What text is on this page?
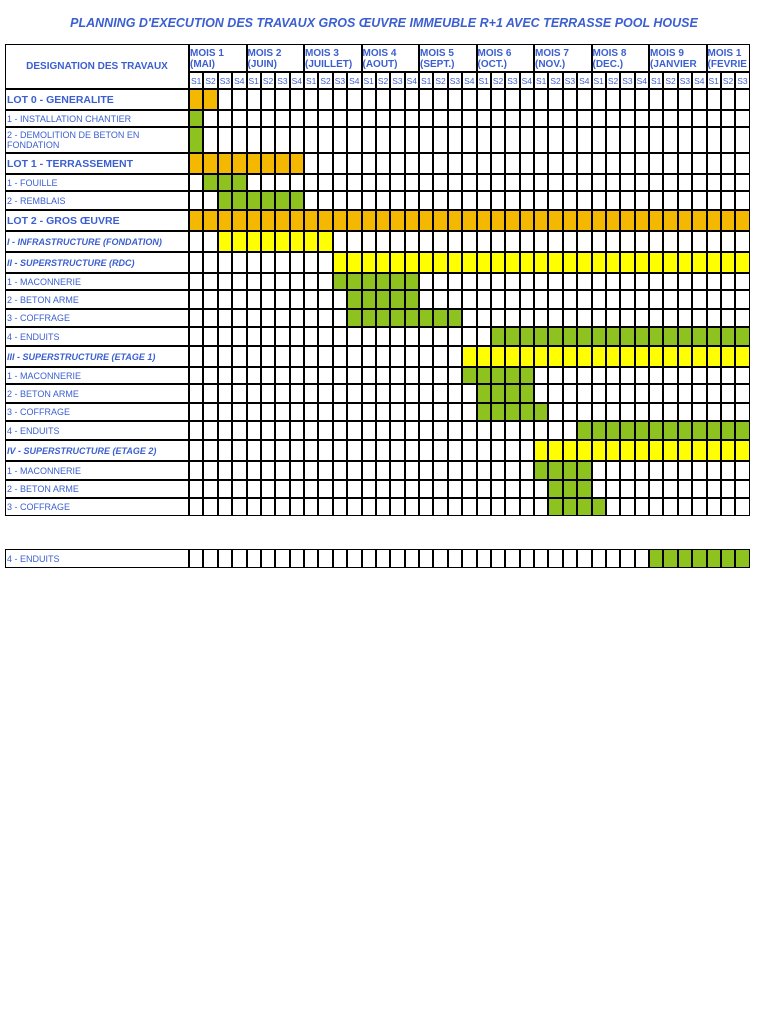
PLANNING D'EXECUTION DES TRAVAUX GROS ŒUVRE IMMEUBLE R+1 AVEC TERRASSE POOL HOUSE
DESIGNATION DES TRAVAUX
MOIS 1
(MAI)
S1 S2 S3 S4
MOIS 2
(JUIN)
S1 S2 S3 S4
MOIS 3
(JUILLET)
S1 S2 S3 S4
MOIS 4
(AOUT)
S1 S2 S3 S4
MOIS 5
(SEPT.)
S1 S2 S3 S4
MOIS 6
(OCT.)
S1 S2 S3 S4
MOIS 7
(NOV.)
S1 S2 S3 S4
MOIS 8
(DEC.)
S1 S2 S3 S4
MOIS 9
(JANVIER
S1 S2 S3 S4
MOIS 1
(FEVRIE
S1 S2 S3
LOT 0 - GENERALITE
1 - INSTALLATION CHANTIER
2 - DEMOLITION DE BETON EN FONDATION
LOT 1 - TERRASSEMENT
1 - FOUILLE
2 - REMBLAIS
LOT 2 - GROS ŒUVRE
I - INFRASTRUCTURE (FONDATION)
II - SUPERSTRUCTURE (RDC)
1 - MACONNERIE
2 - BETON ARME
3 - COFFRAGE
4 - ENDUITS
III - SUPERSTRUCTURE (ETAGE 1)
1 - MACONNERIE
2 - BETON ARME
3 - COFFRAGE
4 - ENDUITS
IV - SUPERSTRUCTURE (ETAGE 2)
1 - MACONNERIE
2 - BETON ARME
3 - COFFRAGE
4 - ENDUITS
